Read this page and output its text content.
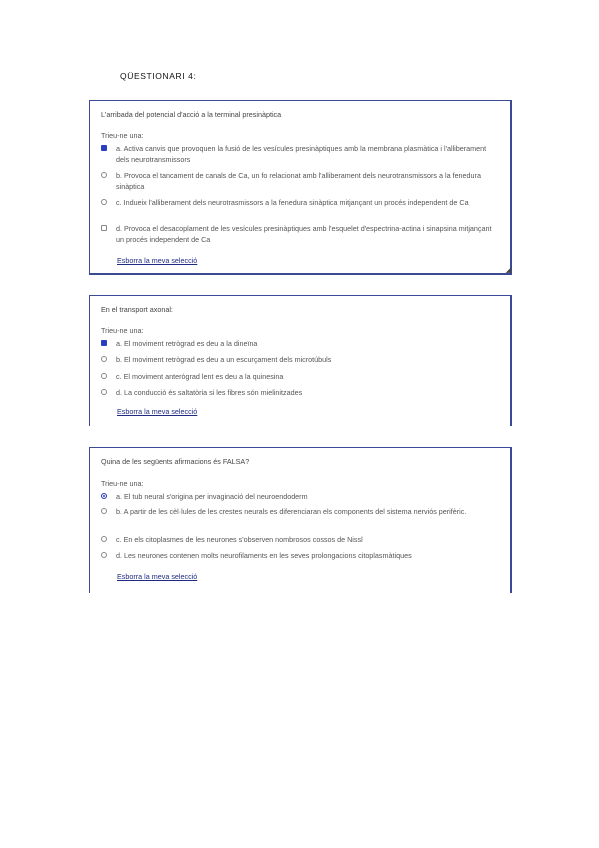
QÜESTIONARI 4:
L'arribada del potencial d'acció a la terminal presinàptica
Trieu-ne una:
a. Activa canvis que provoquen la fusió de les vesícules presinàptiques amb la membrana plasmàtica i l'alliberament dels neurotransmissors
b. Provoca el tancament de canals de Ca, un fo relacionat amb l'alliberament dels neurotransmissors a la fenedura sinàptica
c. Indueix l'alliberament dels neurotrasmissors a la fenedura sinàptica mitjançant un procés independent de Ca
d. Provoca el desacoplament de les vesícules presinàptiques amb l'esquelet d'espectrina-actina i sinapsina mitjançant un procés independent de Ca
Esborra la meva selecció
◢
En el transport axonal:
Trieu-ne una:
a. El moviment retrògrad es deu a la dineïna
b. El moviment retrògrad es deu a un escurçament dels microtúbuls
c. El moviment anterògrad lent es deu a la quinesina
d. La conducció és saltatòria si les fibres són mielinitzades
Esborra la meva selecció
Quina de les següents afirmacions és FALSA?
Trieu-ne una:
a. El tub neural s'origina per invaginació del neuroendoderm
b. A partir de les cèl·lules de les crestes neurals es diferenciaran els components del sistema nerviós perifèric.
c. En els citoplasmes de les neurones s'observen nombrosos cossos de Nissl
d. Les neurones contenen molts neurofilaments en les seves prolongacions citoplasmàtiques
Esborra la meva selecció
